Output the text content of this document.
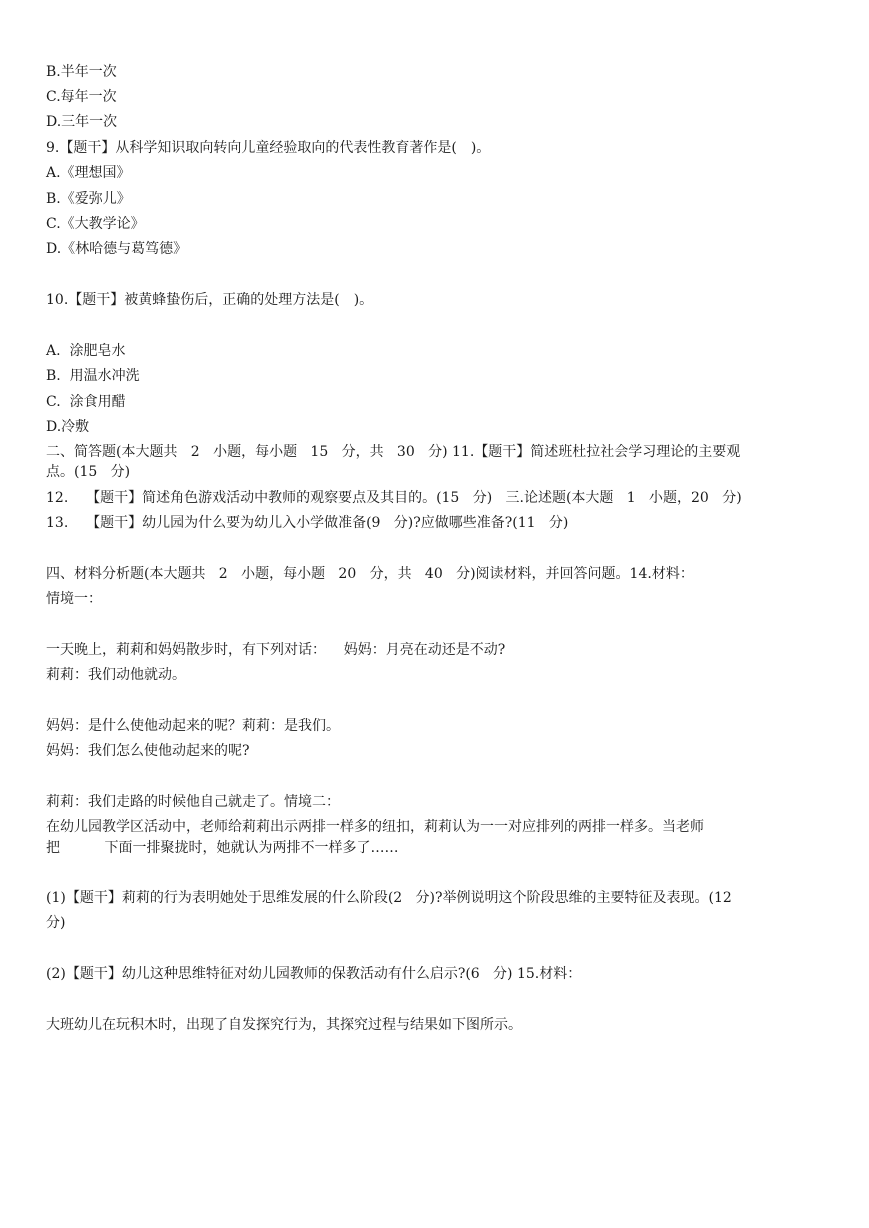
B.半年一次
C.每年一次
D.三年一次
9.【题干】从科学知识取向转向儿童经验取向的代表性教育著作是(　)。
A.《理想国》
B.《爱弥儿》
C.《大教学论》
D.《林哈德与葛笃德》
10.【题干】被黄蜂蛰伤后，正确的处理方法是(　)。
A.  涂肥皂水
B.  用温水冲洗
C.  涂食用醋
D.冷敷
二、简答题(本大题共   2   小题，每小题   15   分，共   30   分) 11.【题干】简述班杜拉社会学习理论的主要观
点。(15   分)
12.    【题干】简述角色游戏活动中教师的观察要点及其目的。(15   分)   三.论述题(本大题   1   小题，20   分)
13.    【题干】幼儿园为什么要为幼儿入小学做准备(9   分)?应做哪些准备?(11   分)
四、材料分析题(本大题共   2   小题，每小题   20   分，共   40   分)阅读材料，并回答问题。14.材料：
情境一：
一天晚上，莉莉和妈妈散步时，有下列对话：    妈妈：月亮在动还是不动?
莉莉：我们动他就动。
妈妈：是什么使他动起来的呢？莉莉：是我们。
妈妈：我们怎么使他动起来的呢?
莉莉：我们走路的时候他自己就走了。情境二：
在幼儿园教学区活动中，老师给莉莉出示两排一样多的纽扣，莉莉认为一一对应排列的两排一样多。当老师
把          下面一排聚拢时，她就认为两排不一样多了……
(1)【题干】莉莉的行为表明她处于思维发展的什么阶段(2   分)?举例说明这个阶段思维的主要特征及表现。(12
分)
(2)【题干】幼儿这种思维特征对幼儿园教师的保教活动有什么启示?(6   分) 15.材料：
大班幼儿在玩积木时，出现了自发探究行为，其探究过程与结果如下图所示。
